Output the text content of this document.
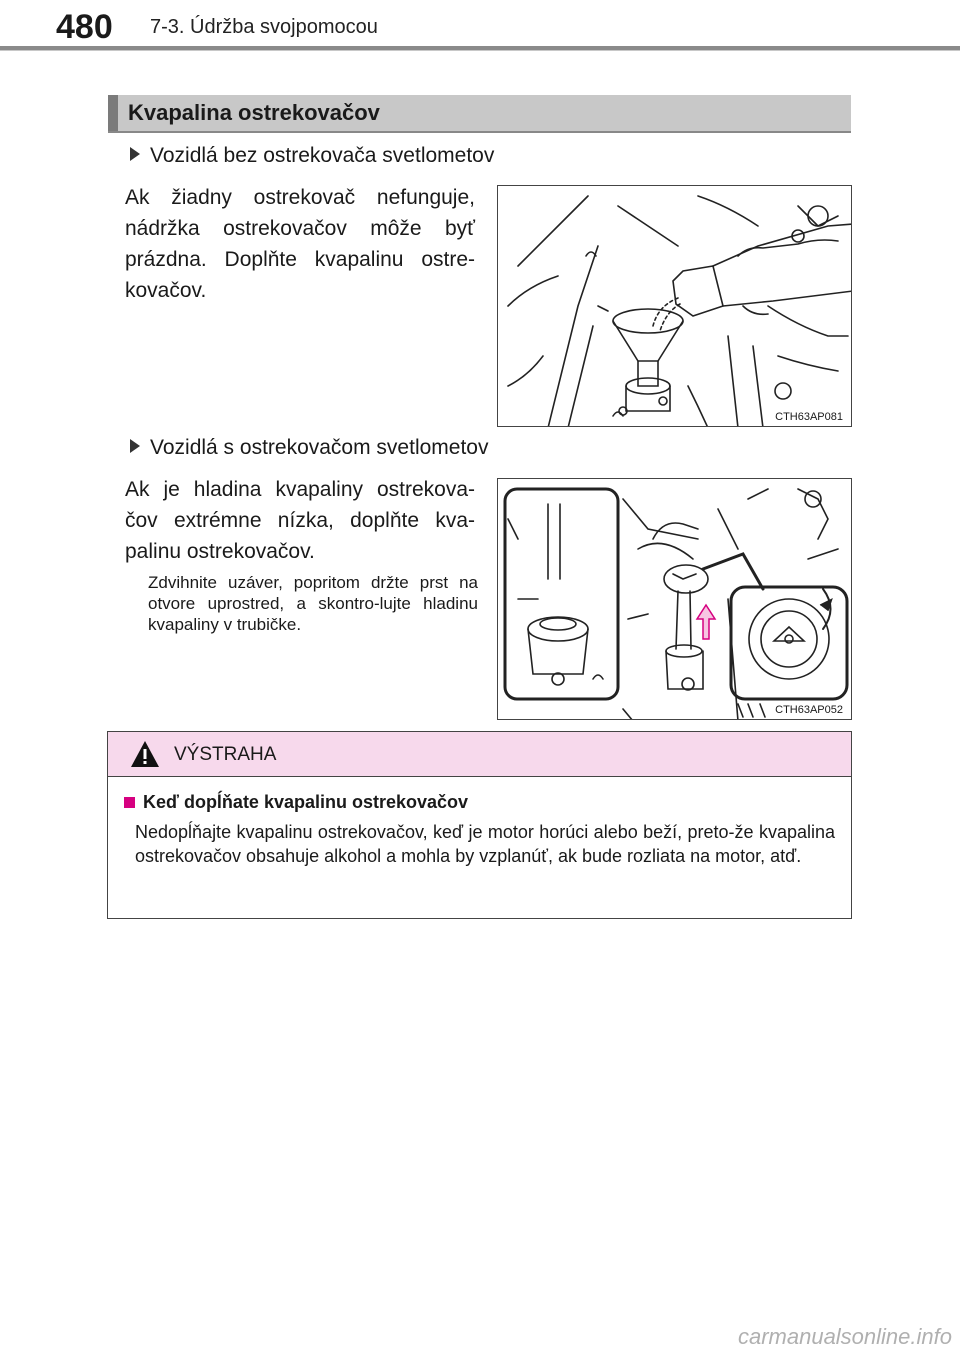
480 7-3. Údržba svojpomocou
Kvapalina ostrekovačov
Vozidlá bez ostrekovača svetlometov
Ak žiadny ostrekovač nefunguje, nádržka ostrekovačov môže byť prázdna. Doplňte kvapalinu ostre-kovačov.
CTH63AP081
Vozidlá s ostrekovačom svetlometov
Ak je hladina kvapaliny ostrekova-čov extrémne nízka, doplňte kva-palinu ostrekovačov.
Zdvihnite uzáver, popritom držte prst na otvore uprostred, a skontro-lujte hladinu kvapaliny v trubičke.
CTH63AP052
VÝSTRAHA
Keď dopĺňate kvapalinu ostrekovačov
Nedopĺňajte kvapalinu ostrekovačov, keď je motor horúci alebo beží, preto-že kvapalina ostrekovačov obsahuje alkohol a mohla by vzplanúť, ak bude rozliata na motor, atď.
carmanualsonline.info
